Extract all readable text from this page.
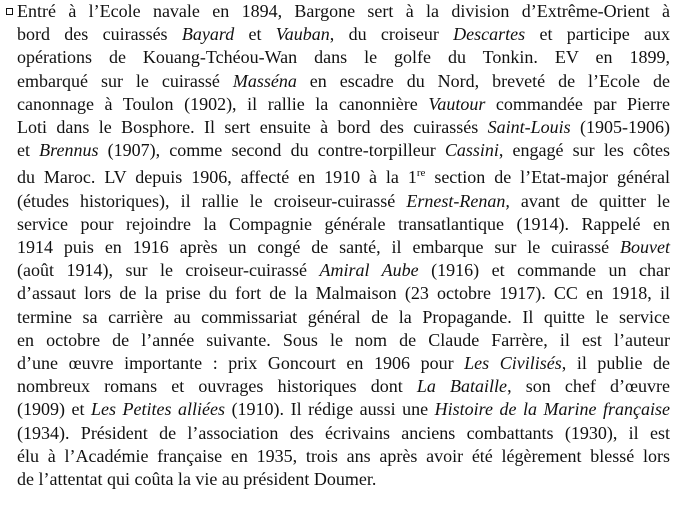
Entré à l’Ecole navale en 1894, Bargone sert à la division d’Extrême-Orient à
bord des cuirassés Bayard et Vauban, du croiseur Descartes et participe aux
opérations de Kouang-Tchéou-Wan dans le golfe du Tonkin. EV en 1899,
embarqué sur le cuirassé Masséna en escadre du Nord, breveté de l’Ecole de
canonnage à Toulon (1902), il rallie la canonnière Vautour commandée par Pierre
Loti dans le Bosphore. Il sert ensuite à bord des cuirassés Saint-Louis (1905-1906)
et Brennus (1907), comme second du contre-torpilleur Cassini, engagé sur les côtes
du Maroc. LV depuis 1906, affecté en 1910 à la 1re section de l’Etat-major général
(études historiques), il rallie le croiseur-cuirassé Ernest-Renan, avant de quitter le
service pour rejoindre la Compagnie générale transatlantique (1914). Rappelé en
1914 puis en 1916 après un congé de santé, il embarque sur le cuirassé Bouvet
(août 1914), sur le croiseur-cuirassé Amiral Aube (1916) et commande un char
d’assaut lors de la prise du fort de la Malmaison (23 octobre 1917). CC en 1918, il
termine sa carrière au commissariat général de la Propagande. Il quitte le service
en octobre de l’année suivante. Sous le nom de Claude Farrère, il est l’auteur
d’une œuvre importante : prix Goncourt en 1906 pour Les Civilisés, il publie de
nombreux romans et ouvrages historiques dont La Bataille, son chef d’œuvre
(1909) et Les Petites alliées (1910). Il rédige aussi une Histoire de la Marine française
(1934). Président de l’association des écrivains anciens combattants (1930), il est
élu à l’Académie française en 1935, trois ans après avoir été légèrement blessé lors
de l’attentat qui coûta la vie au président Doumer.
